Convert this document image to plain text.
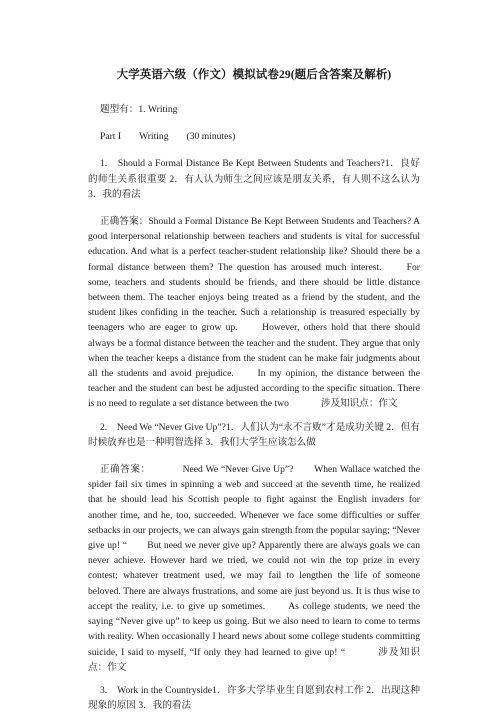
大学英语六级（作文）模拟试卷29(题后含答案及解析)

题型有：1. Writing

Part I Writing (30 minutes)

1.　Should a Formal Distance Be Kept Between Students and Teachers?1．良好的师生关系很重要 2．有人认为师生之间应该是朋友关系，有人则不这么认为 3．我的看法

正确答案：Should a Formal Distance Be Kept Between Students and Teachers? A good interpersonal relationship between teachers and students is vital for successful education. And what is a perfect teacher-student relationship like? Should there be a formal distance between them? The question has aroused much interest.　　For some, teachers and students should be friends, and there should be little distance between them. The teacher enjoys being treated as a friend by the student, and the student likes confiding in the teacher. Such a relationship is treasured especially by teenagers who are eager to grow up.　　However, others hold that there should always be a formal distance between the teacher and the student. They argue that only when the teacher keeps a distance from the student can he make fair judgments about all the students and avoid prejudice.　　In my opinion, the distance between the teacher and the student can best be adjusted according to the specific situation. There is no need to regulate a set distance between the two	涉及知识点：作文

2.　Need We “Never Give Up”?1．人们认为“永不言败”才是成功关键 2．但有时候放弃也是一种明智选择 3．我们大学生应该怎么做

正确答案：	Need We “Never Give Up”?　　When Wallace watched the spider fail six times in spinning a web and succeed at the seventh time, he realized that he should lead his Scottish people to fight against the English invaders for another time, and he, too, succeeded. Whenever we face some difficulties or suffer setbacks in our projects, we can always gain strength from the popular saying; “Never give up! “　　But need we never give up? Apparently there are always goals we can never achieve. However hard we tried, we could not win the top prize in every contest; whatever treatment used, we may fail to lengthen the life of someone beloved. There are always frustrations, and some are just beyond us. It is thus wise to accept the reality, i.e. to give up sometimes.　　As college students, we need the saying “Never give up” to keep us going. But we also need to learn to come to terms with reality. When occasionally I heard news about some college students committing suicide, I said to myself, “If only they had learned to give up! “	涉及知识点：作文

3.　Work in the Countryside1．许多大学毕业生自愿到农村工作 2．出现这种现象的原因 3．我的看法
